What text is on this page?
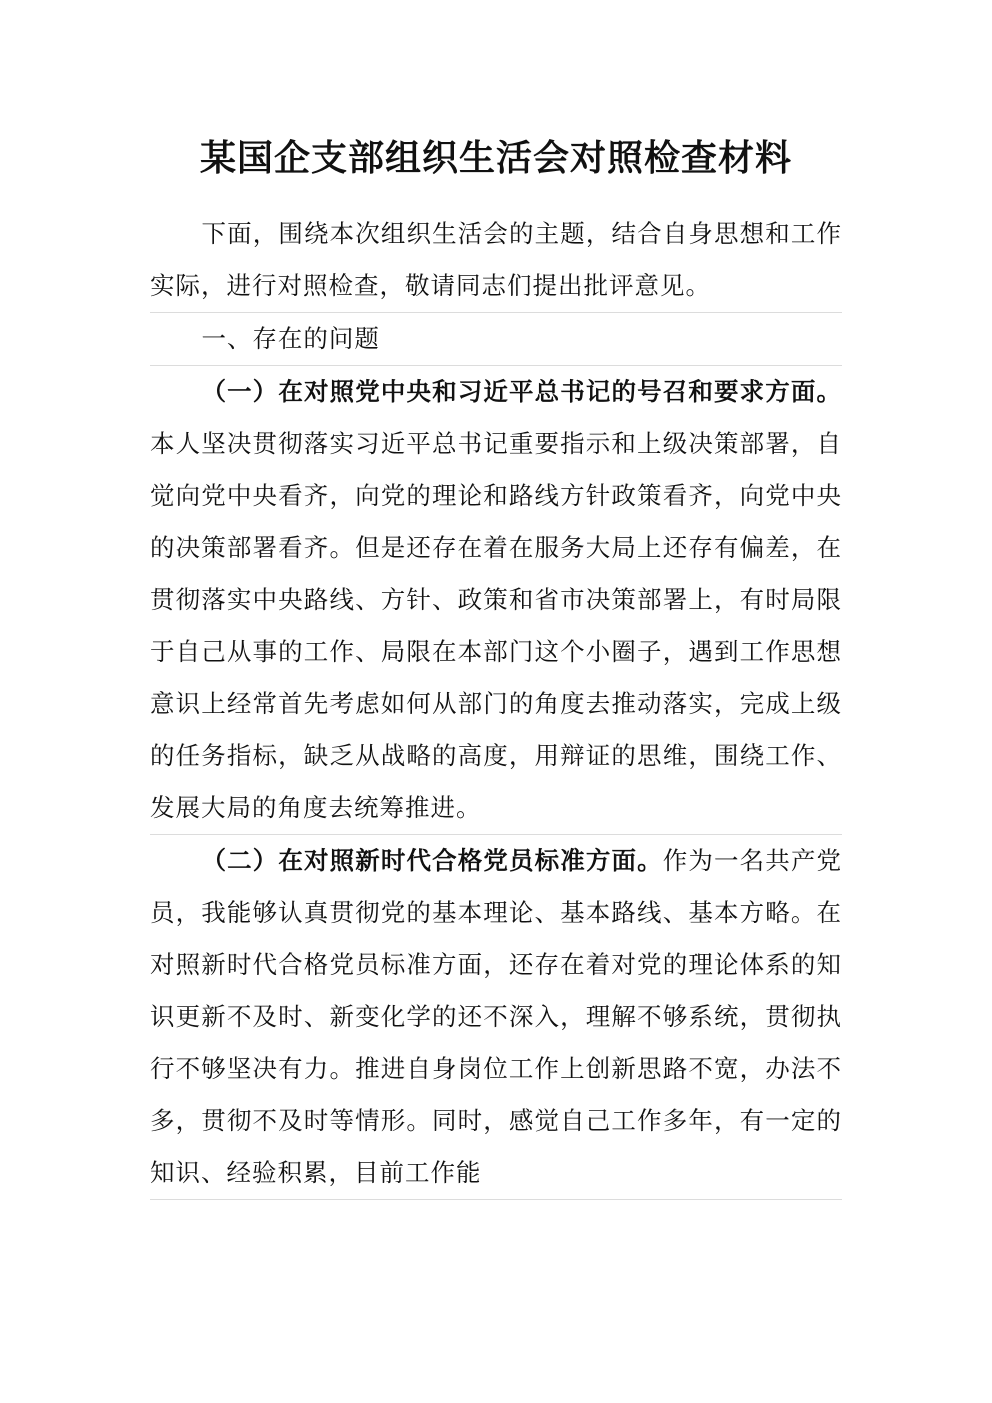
某国企支部组织生活会对照检查材料

下面，围绕本次组织生活会的主题，结合自身思想和工作实际，进行对照检查，敬请同志们提出批评意见。

一、存在的问题

（一）在对照党中央和习近平总书记的号召和要求方面。本人坚决贯彻落实习近平总书记重要指示和上级决策部署，自觉向党中央看齐，向党的理论和路线方针政策看齐，向党中央的决策部署看齐。但是还存在着在服务大局上还存有偏差，在贯彻落实中央路线、方针、政策和省市决策部署上，有时局限于自己从事的工作、局限在本部门这个小圈子，遇到工作思想意识上经常首先考虑如何从部门的角度去推动落实，完成上级的任务指标，缺乏从战略的高度，用辩证的思维，围绕工作、发展大局的角度去统筹推进。

（二）在对照新时代合格党员标准方面。作为一名共产党员，我能够认真贯彻党的基本理论、基本路线、基本方略。在对照新时代合格党员标准方面，还存在着对党的理论体系的知识更新不及时、新变化学的还不深入，理解不够系统，贯彻执行不够坚决有力。推进自身岗位工作上创新思路不宽，办法不多，贯彻不及时等情形。同时，感觉自己工作多年，有一定的知识、经验积累，目前工作能
